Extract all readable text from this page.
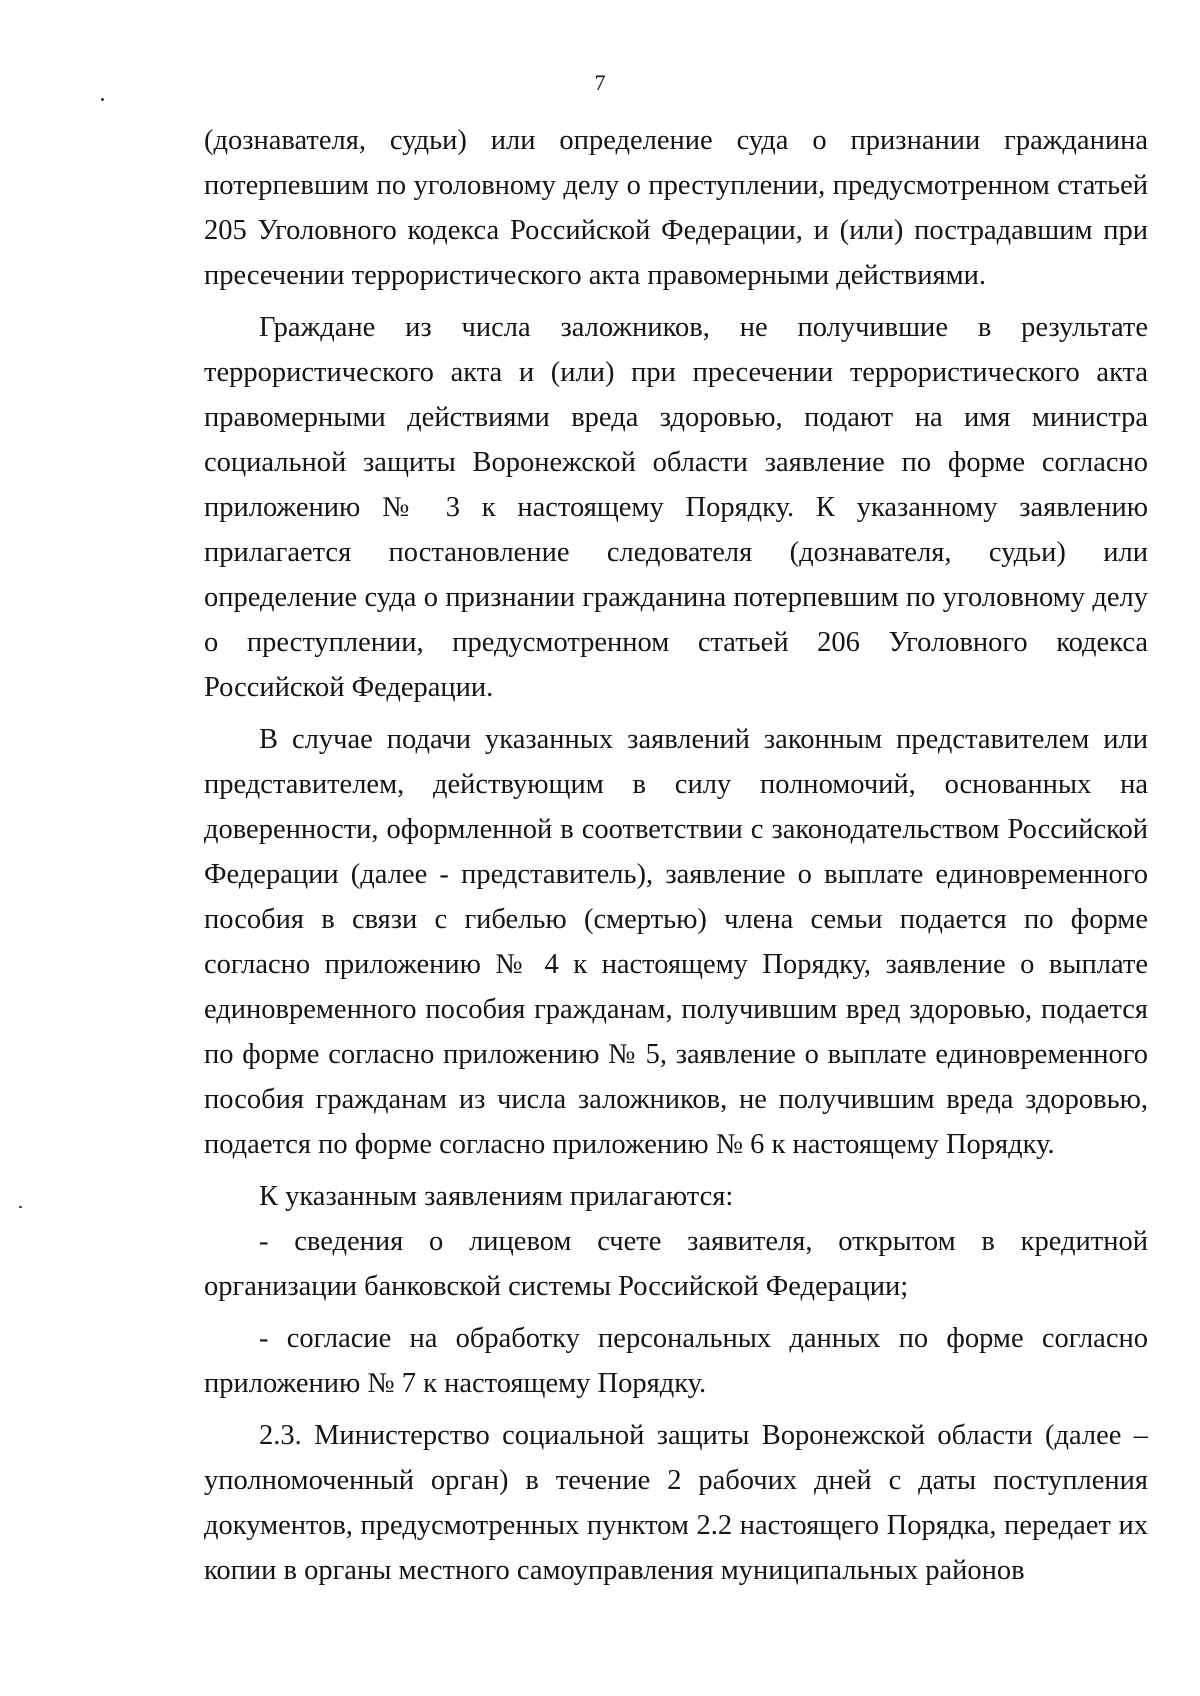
7

(дознавателя, судьи) или определение суда о признании гражданина потерпевшим по уголовному делу о преступлении, предусмотренном статьей 205 Уголовного кодекса Российской Федерации, и (или) пострадавшим при пресечении террористического акта правомерными действиями.

Граждане из числа заложников, не получившие в результате террористического акта и (или) при пресечении террористического акта правомерными действиями вреда здоровью, подают на имя министра социальной защиты Воронежской области заявление по форме согласно приложению № 3 к настоящему Порядку. К указанному заявлению прилагается постановление следователя (дознавателя, судьи) или определение суда о признании гражданина потерпевшим по уголовному делу о преступлении, предусмотренном статьей 206 Уголовного кодекса Российской Федерации.

В случае подачи указанных заявлений законным представителем или представителем, действующим в силу полномочий, основанных на доверенности, оформленной в соответствии с законодательством Российской Федерации (далее - представитель), заявление о выплате единовременного пособия в связи с гибелью (смертью) члена семьи подается по форме согласно приложению № 4 к настоящему Порядку, заявление о выплате единовременного пособия гражданам, получившим вред здоровью, подается по форме согласно приложению № 5, заявление о выплате единовременного пособия гражданам из числа заложников, не получившим вреда здоровью, подается по форме согласно приложению № 6 к настоящему Порядку.

К указанным заявлениям прилагаются:

- сведения о лицевом счете заявителя, открытом в кредитной организации банковской системы Российской Федерации;

- согласие на обработку персональных данных по форме согласно приложению № 7 к настоящему Порядку.

2.3. Министерство социальной защиты Воронежской области (далее – уполномоченный орган) в течение 2 рабочих дней с даты поступления документов, предусмотренных пунктом 2.2 настоящего Порядка, передает их копии в органы местного самоуправления муниципальных районов
